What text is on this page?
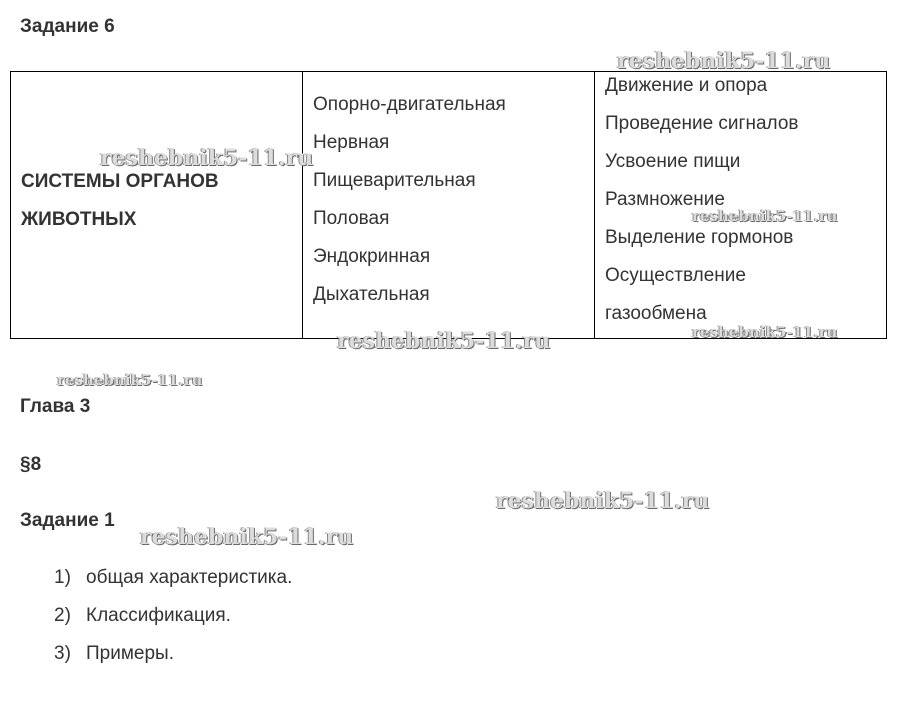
Задание 6
СИСТЕМЫ ОРГАНОВ
ЖИВОТНЫХ
Опорно-двигательная
Нервная
Пищеварительная
Половая
Эндокринная
Дыхательная
Движение и опора
Проведение сигналов
Усвоение пищи
Размножение
Выделение гормонов
Осуществление
газообмена
Глава 3
§8
Задание 1
1) общая характеристика.
2) Классификация.
3) Примеры.
reshebnik5-11.ru
reshebnik5-11.ru
reshebnik5-11.ru
reshebnik5-11.ru
reshebnik5-11.ru
reshebnik5-11.ru
reshebnik5-11.ru
reshebnik5-11.ru
